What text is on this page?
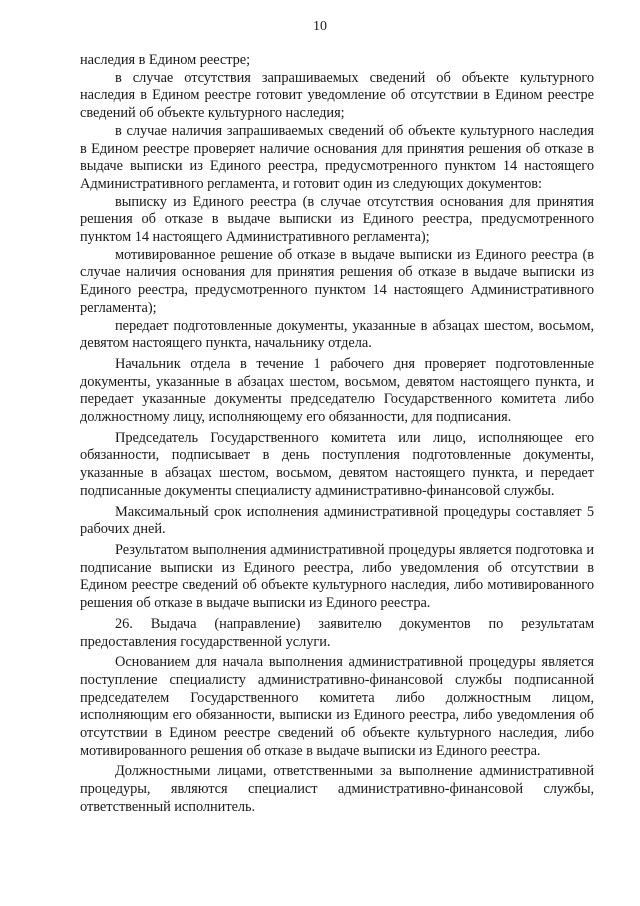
10

наследия в Едином реестре;

в случае отсутствия запрашиваемых сведений об объекте культурного наследия в Едином реестре готовит уведомление об отсутствии в Едином реестре сведений об объекте культурного наследия;

в случае наличия запрашиваемых сведений об объекте культурного наследия в Едином реестре проверяет наличие основания для принятия решения об отказе в выдаче выписки из Единого реестра, предусмотренного пунктом 14 настоящего Административного регламента, и готовит один из следующих документов:

выписку из Единого реестра (в случае отсутствия основания для принятия решения об отказе в выдаче выписки из Единого реестра, предусмотренного пунктом 14 настоящего Административного регламента);

мотивированное решение об отказе в выдаче выписки из Единого реестра (в случае наличия основания для принятия решения об отказе в выдаче выписки из Единого реестра, предусмотренного пунктом 14 настоящего Административного регламента);

передает подготовленные документы, указанные в абзацах шестом, восьмом, девятом настоящего пункта, начальнику отдела.

Начальник отдела в течение 1 рабочего дня проверяет подготовленные документы, указанные в абзацах шестом, восьмом, девятом настоящего пункта, и передает указанные документы председателю Государственного комитета либо должностному лицу, исполняющему его обязанности, для подписания.

Председатель Государственного комитета или лицо, исполняющее его обязанности, подписывает в день поступления подготовленные документы, указанные в абзацах шестом, восьмом, девятом настоящего пункта, и передает подписанные документы специалисту административно-финансовой службы.

Максимальный срок исполнения административной процедуры составляет 5 рабочих дней.

Результатом выполнения административной процедуры является подготовка и подписание выписки из Единого реестра, либо уведомления об отсутствии в Едином реестре сведений об объекте культурного наследия, либо мотивированного решения об отказе в выдаче выписки из Единого реестра.

26. Выдача (направление) заявителю документов по результатам предоставления государственной услуги.

Основанием для начала выполнения административной процедуры является поступление специалисту административно-финансовой службы подписанной председателем Государственного комитета либо должностным лицом, исполняющим его обязанности, выписки из Единого реестра, либо уведомления об отсутствии в Едином реестре сведений об объекте культурного наследия, либо мотивированного решения об отказе в выдаче выписки из Единого реестра.

Должностными лицами, ответственными за выполнение административной процедуры, являются специалист административно-финансовой службы, ответственный исполнитель.
